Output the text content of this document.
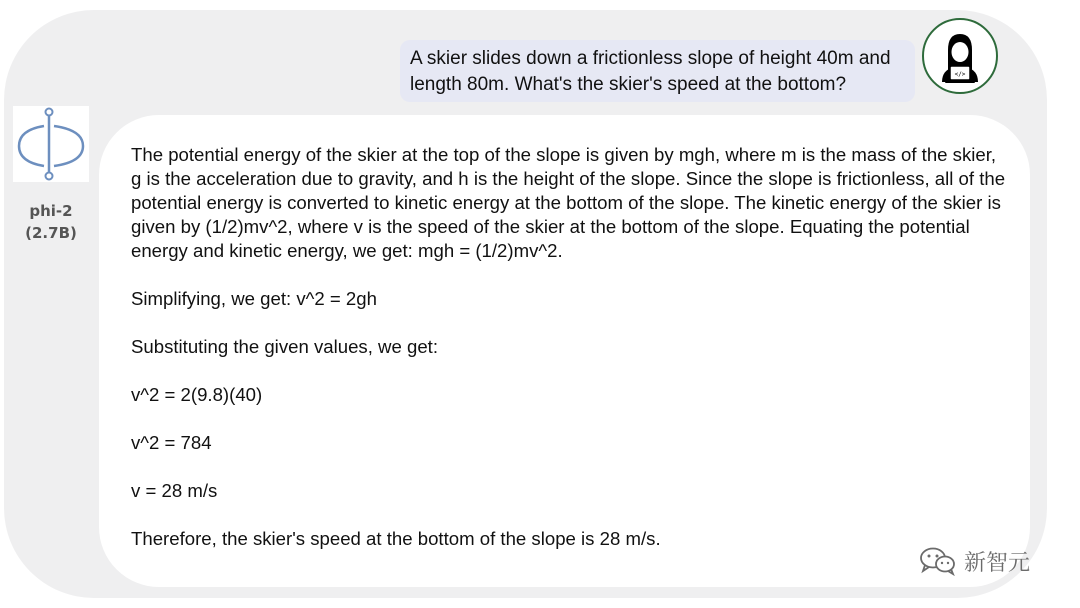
A skier slides down a frictionless slope of height 40m and length 80m. What's the skier's speed at the bottom?	</>
phi-2
(2.7B)

The potential energy of the skier at the top of the slope is given by mgh, where m is the mass of the skier, g is the acceleration due to gravity, and h is the height of the slope. Since the slope is frictionless, all of the potential energy is converted to kinetic energy at the bottom of the slope. The kinetic energy of the skier is given by (1/2)mv^2, where v is the speed of the skier at the bottom of the slope. Equating the potential energy and kinetic energy, we get: mgh = (1/2)mv^2.

Simplifying, we get: v^2 = 2gh

Substituting the given values, we get:

v^2 = 2(9.8)(40)

v^2 = 784

v = 28 m/s

Therefore, the skier's speed at the bottom of the slope is 28 m/s.

新智元
